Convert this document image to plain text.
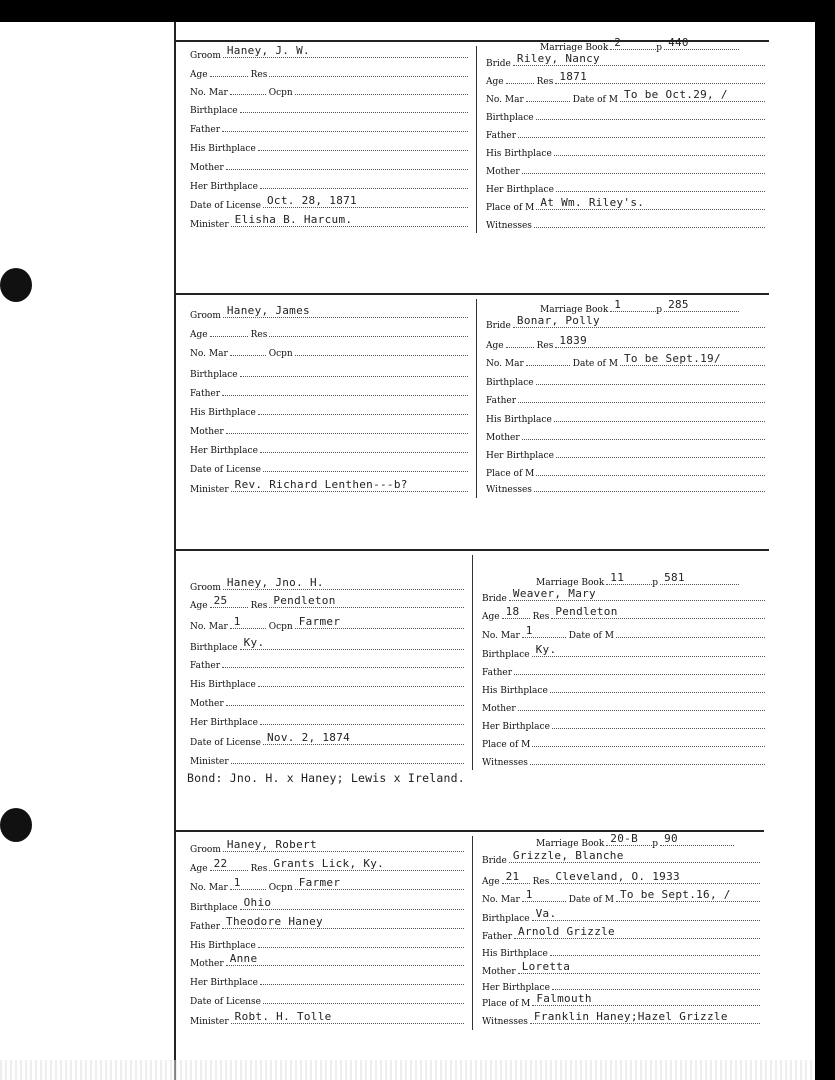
Groom Haney, J. W.
Age	Res
No. Mar	Ocpn
Birthplace
Father
His Birthplace
Mother
Her Birthplace
Date of License Oct. 28, 1871
Minister Elisha B. Harcum.
Marriage Book 2	p 440
Bride Riley, Nancy
Age	Res 1871
No. Mar	Date of M To be Oct.29, /
Birthplace
Father
His Birthplace
Mother
Her Birthplace
Place of M At Wm. Riley's.
Witnesses
Groom Haney, James
Age	Res
No. Mar	Ocpn
Birthplace
Father
His Birthplace
Mother
Her Birthplace
Date of License
Minister Rev. Richard Lenthen---b?
Marriage Book 1	p 285
Bride Bonar, Polly
Age	Res 1839
No. Mar	Date of M To be Sept.19/
Birthplace
Father
His Birthplace
Mother
Her Birthplace
Place of M
Witnesses
Groom Haney, Jno. H.
Age 25	Res Pendleton
No. Mar 1	Ocpn Farmer
Birthplace Ky.
Father
His Birthplace
Mother
Her Birthplace
Date of License Nov. 2, 1874
Minister
Marriage Book 11	p 581
Bride Weaver, Mary
Age 18 Res Pendleton
No. Mar 1	Date of M
Birthplace Ky.
Father
His Birthplace
Mother
Her Birthplace
Place of M
Witnesses
Bond: Jno. H. x Haney; Lewis x Ireland.
Groom Haney, Robert
Age 22	Res Grants Lick, Ky.
No. Mar 1	Ocpn Farmer
Birthplace Ohio
Father Theodore Haney
His Birthplace
Mother Anne
Her Birthplace
Date of License
Minister Robt. H. Tolle
Marriage Book 20-B p 90
Bride Grizzle, Blanche
Age 21 Res Cleveland, O. 1933
No. Mar 1	Date of M To be Sept.16, /
Birthplace Va.
Father Arnold Grizzle
His Birthplace
Mother Loretta
Her Birthplace
Place of M Falmouth
Witnesses Franklin Haney;Hazel Grizzle
